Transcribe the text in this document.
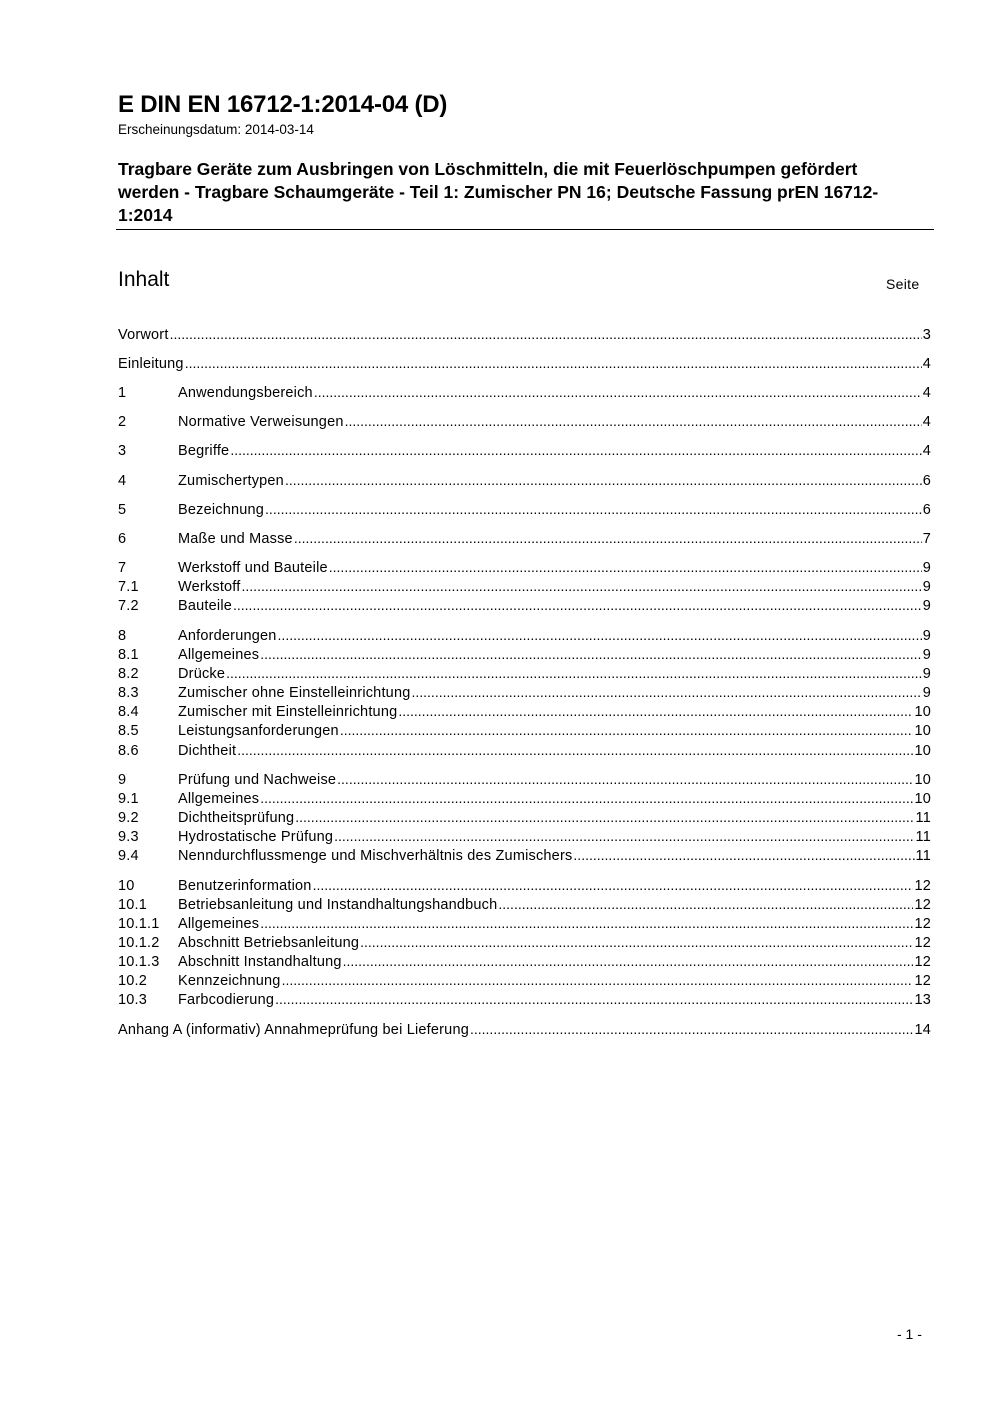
E DIN EN 16712-1:2014-04 (D)
Erscheinungsdatum: 2014-03-14
Tragbare Geräte zum Ausbringen von Löschmitteln, die mit Feuerlöschpumpen gefördert werden - Tragbare Schaumgeräte - Teil 1: Zumischer PN 16; Deutsche Fassung prEN 16712-1:2014
Inhalt	Seite
Vorwort .....	3
Einleitung .....	4
1	Anwendungsbereich .....	4
2	Normative Verweisungen .....	4
3	Begriffe .....	4
4	Zumischertypen .....	6
5	Bezeichnung .....	6
6	Maße und Masse .....	7
7	Werkstoff und Bauteile .....	9
7.1	Werkstoff .....	9
7.2	Bauteile .....	9
8	Anforderungen .....	9
8.1	Allgemeines .....	9
8.2	Drücke .....	9
8.3	Zumischer ohne Einstelleinrichtung .....	9
8.4	Zumischer mit Einstelleinrichtung .....	10
8.5	Leistungsanforderungen .....	10
8.6	Dichtheit .....	10
9	Prüfung und Nachweise .....	10
9.1	Allgemeines .....	10
9.2	Dichtheitsprüfung .....	11
9.3	Hydrostatische Prüfung .....	11
9.4	Nenndurchflussmenge und Mischverhältnis des Zumischers .....	11
10	Benutzerinformation .....	12
10.1	Betriebsanleitung und Instandhaltungshandbuch .....	12
10.1.1	Allgemeines .....	12
10.1.2	Abschnitt Betriebsanleitung .....	12
10.1.3	Abschnitt Instandhaltung .....	12
10.2	Kennzeichnung .....	12
10.3	Farbcodierung .....	13
Anhang A (informativ) Annahmeprüfung bei Lieferung .....	14
- 1 -
